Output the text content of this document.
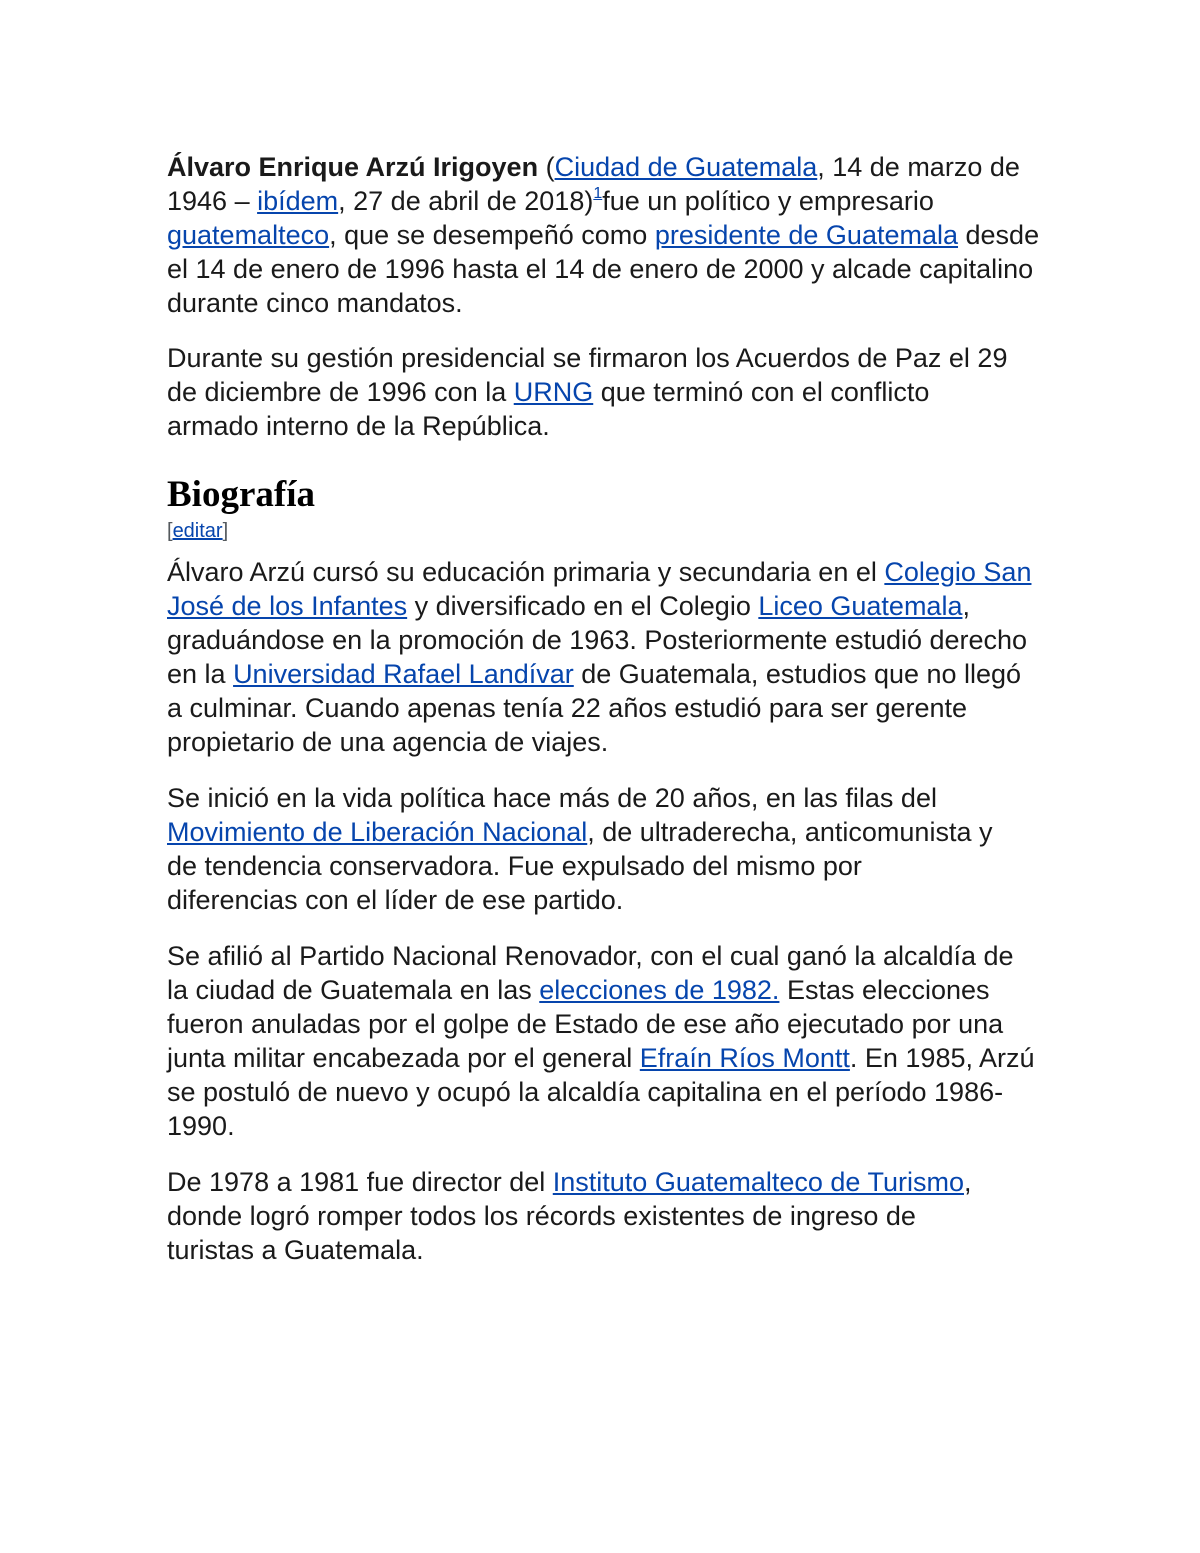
Álvaro Enrique Arzú Irigoyen (Ciudad de Guatemala, 14 de marzo de 1946 – ibídem, 27 de abril de 2018)$^1$fue un político y empresario guatemalteco, que se desempeñó como presidente de Guatemala desde el 14 de enero de 1996 hasta el 14 de enero de 2000 y alcade capitalino durante cinco mandatos.

Durante su gestión presidencial se firmaron los Acuerdos de Paz el 29 de diciembre de 1996 con la URNG que terminó con el conflicto armado interno de la República.

Biografía
[editar]

Álvaro Arzú cursó su educación primaria y secundaria en el Colegio San José de los Infantes y diversificado en el Colegio Liceo Guatemala, graduándose en la promoción de 1963. Posteriormente estudió derecho en la Universidad Rafael Landívar de Guatemala, estudios que no llegó a culminar. Cuando apenas tenía 22 años estudió para ser gerente propietario de una agencia de viajes.

Se inició en la vida política hace más de 20 años, en las filas del Movimiento de Liberación Nacional, de ultraderecha, anticomunista y de tendencia conservadora. Fue expulsado del mismo por diferencias con el líder de ese partido.

Se afilió al Partido Nacional Renovador, con el cual ganó la alcaldía de la ciudad de Guatemala en las elecciones de 1982. Estas elecciones fueron anuladas por el golpe de Estado de ese año ejecutado por una junta militar encabezada por el general Efraín Ríos Montt. En 1985, Arzú se postuló de nuevo y ocupó la alcaldía capitalina en el período 1986-1990.

De 1978 a 1981 fue director del Instituto Guatemalteco de Turismo, donde logró romper todos los récords existentes de ingreso de turistas a Guatemala.
